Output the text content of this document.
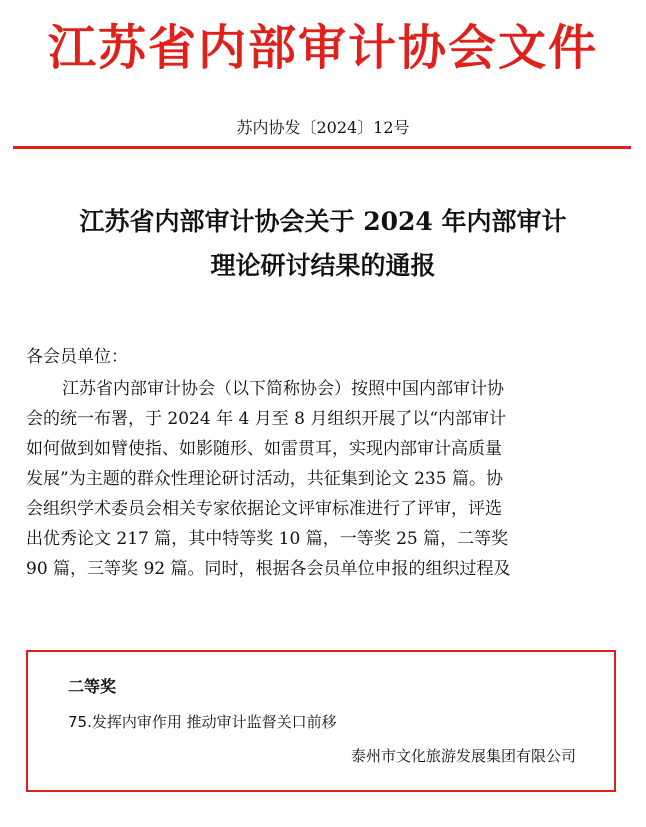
江苏省内部审计协会文件
苏内协发〔2024〕12号
江苏省内部审计协会关于 2024 年内部审计
理论研讨结果的通报
各会员单位：
江苏省内部审计协会（以下简称协会）按照中国内部审计协
会的统一布署，于 2024 年 4 月至 8 月组织开展了以“内部审计
如何做到如臂使指、如影随形、如雷贯耳，实现内部审计高质量
发展”为主题的群众性理论研讨活动，共征集到论文 235 篇。协
会组织学术委员会相关专家依据论文评审标准进行了评审，评选
出优秀论文 217 篇，其中特等奖 10 篇，一等奖 25 篇，二等奖
90 篇，三等奖 92 篇。同时，根据各会员单位申报的组织过程及
二等奖
75.发挥内审作用 推动审计监督关口前移
泰州市文化旅游发展集团有限公司
